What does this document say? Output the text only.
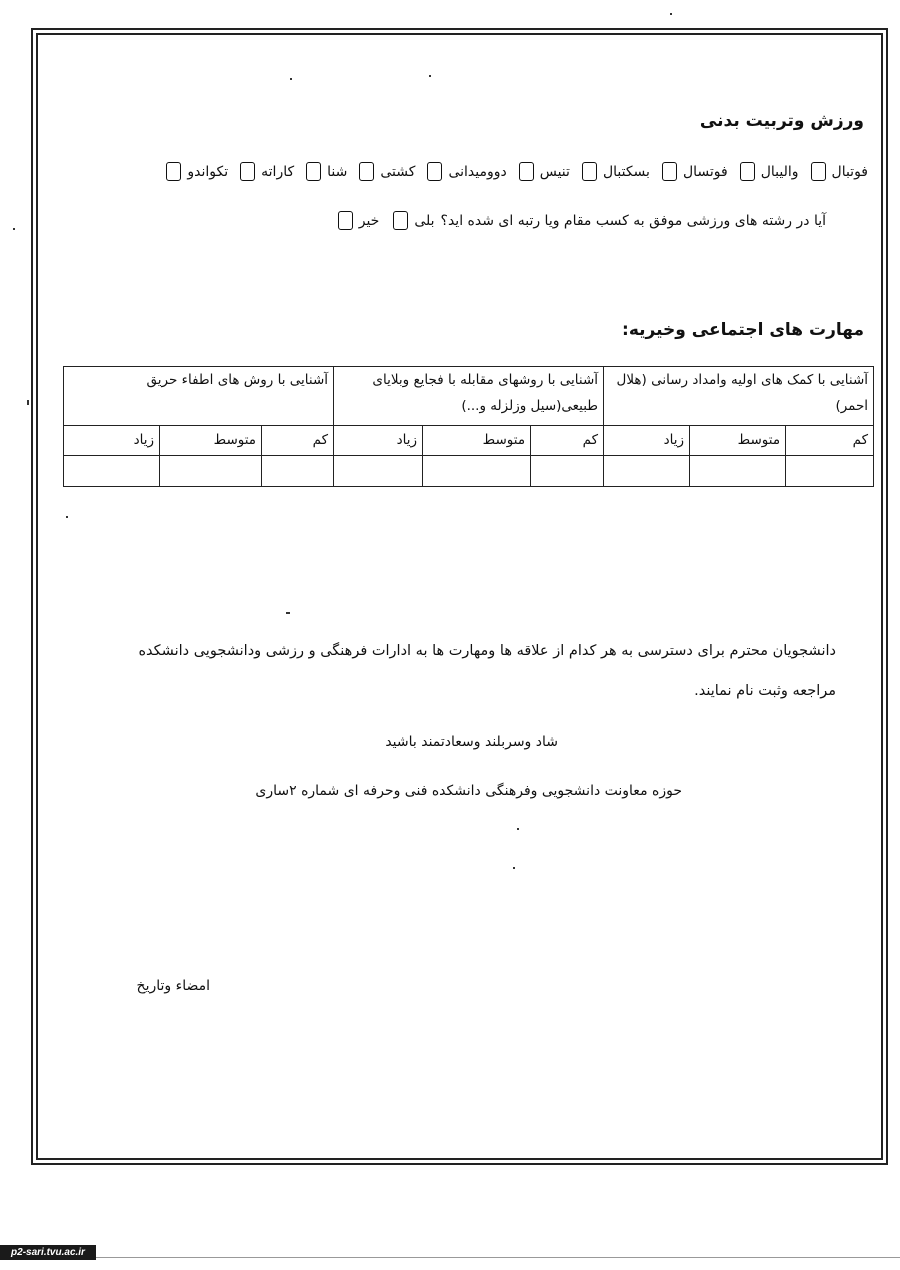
ورزش وتربیت بدنی
فوتبال
والیبال
فوتسال
بسکتبال
تنیس
دوومیدانی
کشتی
شنا
کاراته
تکواندو
آیا در رشته های ورزشی موفق به کسب مقام ویا رتبه ای شده اید؟
بلی
خیر
مهارت های اجتماعی وخیریه:
آشنایی با کمک های اولیه وامداد رسانی (هلال احمر)			آشنایی با روشهای مقابله با فجایع وبلایای طبیعی(سیل وزلزله و...)			آشنایی با روش های اطفاء حریق		
کم	متوسط	زیاد	کم	متوسط	زیاد	کم	متوسط	زیاد

دانشجویان محترم برای دسترسی به هر کدام از علاقه ها ومهارت ها به ادارات فرهنگی و رزشی ودانشجویی دانشکده
مراجعه وثبت نام نمایند.
شاد وسربلند وسعادتمند باشید
حوزه معاونت دانشجویی وفرهنگی دانشکده فنی وحرفه ای شماره ۲ساری
امضاء وتاریخ
p2-sari.tvu.ac.ir
